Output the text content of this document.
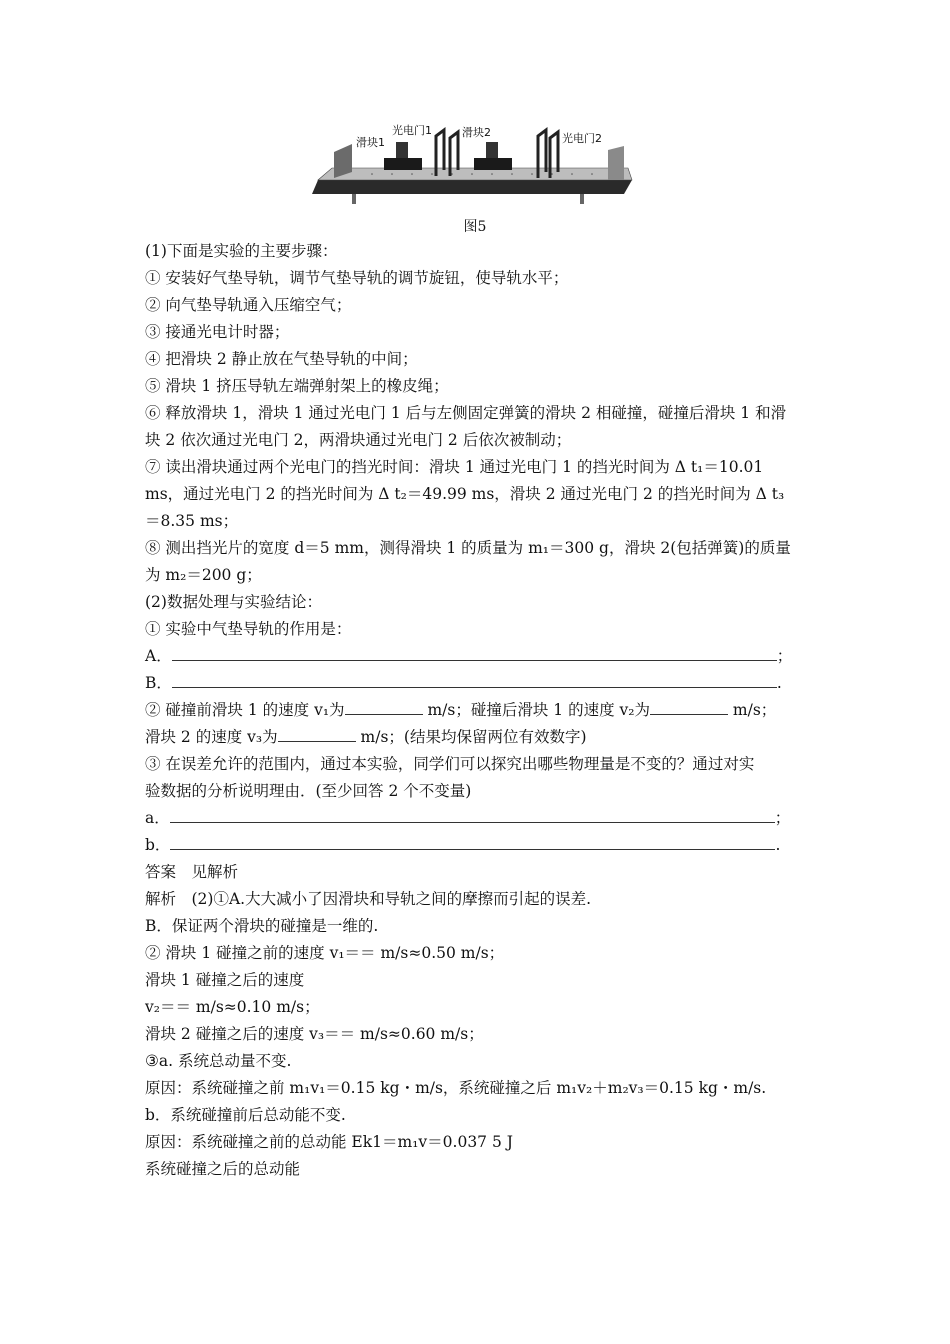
滑块1
光电门1	滑块2	光电门2
图5
(1)下面是实验的主要步骤：
① 安装好气垫导轨，调节气垫导轨的调节旋钮，使导轨水平；
② 向气垫导轨通入压缩空气；
③ 接通光电计时器；
④ 把滑块 2 静止放在气垫导轨的中间；
⑤ 滑块 1 挤压导轨左端弹射架上的橡皮绳；
⑥ 释放滑块 1，滑块 1 通过光电门 1 后与左侧固定弹簧的滑块 2 相碰撞，碰撞后滑块 1 和滑
块 2 依次通过光电门 2，两滑块通过光电门 2 后依次被制动；
⑦ 读出滑块通过两个光电门的挡光时间：滑块 1 通过光电门 1 的挡光时间为 Δ t₁＝10.01
ms，通过光电门 2 的挡光时间为 Δ t₂＝49.99 ms，滑块 2 通过光电门 2 的挡光时间为 Δ t₃
＝8.35 ms；
⑧ 测出挡光片的宽度 d＝5 mm，测得滑块 1 的质量为 m₁＝300 g，滑块 2(包括弹簧)的质量
为 m₂＝200 g；
(2)数据处理与实验结论：
① 实验中气垫导轨的作用是：
A．	；
B．	.
② 碰撞前滑块 1 的速度 v₁为	m/s；碰撞后滑块 1 的速度 v₂为	m/s；
滑块 2 的速度 v₃为	m/s；(结果均保留两位有效数字)
③ 在误差允许的范围内，通过本实验，同学们可以探究出哪些物理量是不变的？通过对实
验数据的分析说明理由．(至少回答 2 个不变量)
a．	；
b．	.
答案　见解析
解析　(2)①A.大大减小了因滑块和导轨之间的摩擦而引起的误差.
B．保证两个滑块的碰撞是一维的.
② 滑块 1 碰撞之前的速度 v₁＝＝ m/s≈0.50 m/s；
滑块 1 碰撞之后的速度
v₂＝＝ m/s≈0.10 m/s；
滑块 2 碰撞之后的速度 v₃＝＝ m/s≈0.60 m/s；
③a. 系统总动量不变.
原因：系统碰撞之前 m₁v₁＝0.15 kg・m/s，系统碰撞之后 m₁v₂＋m₂v₃＝0.15 kg・m/s.
b．系统碰撞前后总动能不变.
原因：系统碰撞之前的总动能 Ek1＝m₁v＝0.037 5 J
系统碰撞之后的总动能
